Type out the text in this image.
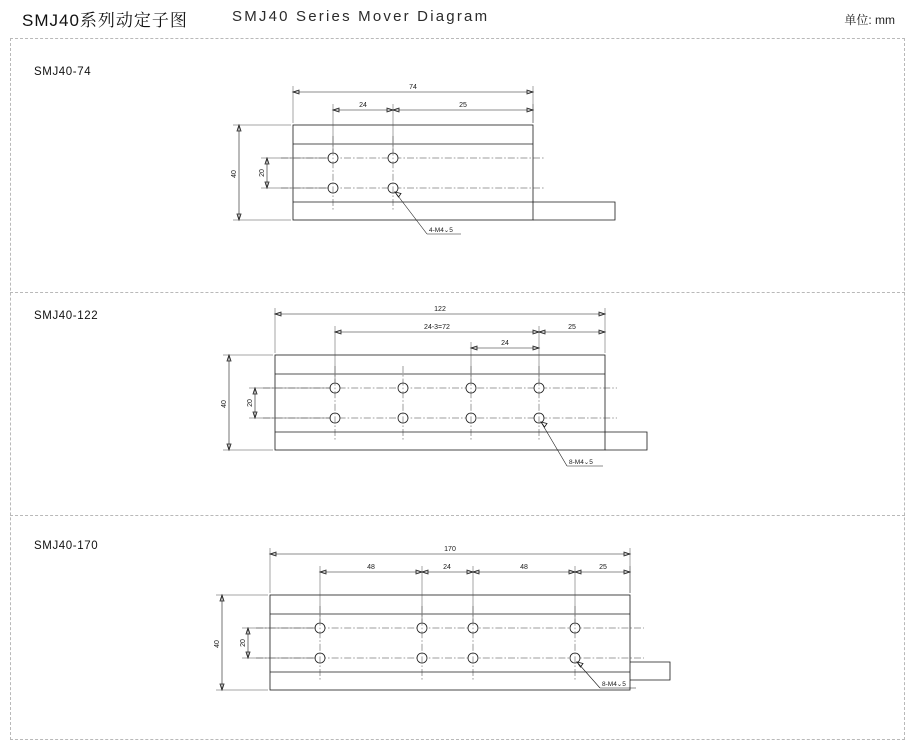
SMJ40系列动定子图	SMJ40 Series Mover Diagram	单位: mm
SMJ40-74
74
24	25
40	20
4-M4⌄5
SMJ40-122
122
24-3=72	25
24
40	20
8-M4⌄5
SMJ40-170	170
48	24	48	25
40	20
8-M4⌄5
